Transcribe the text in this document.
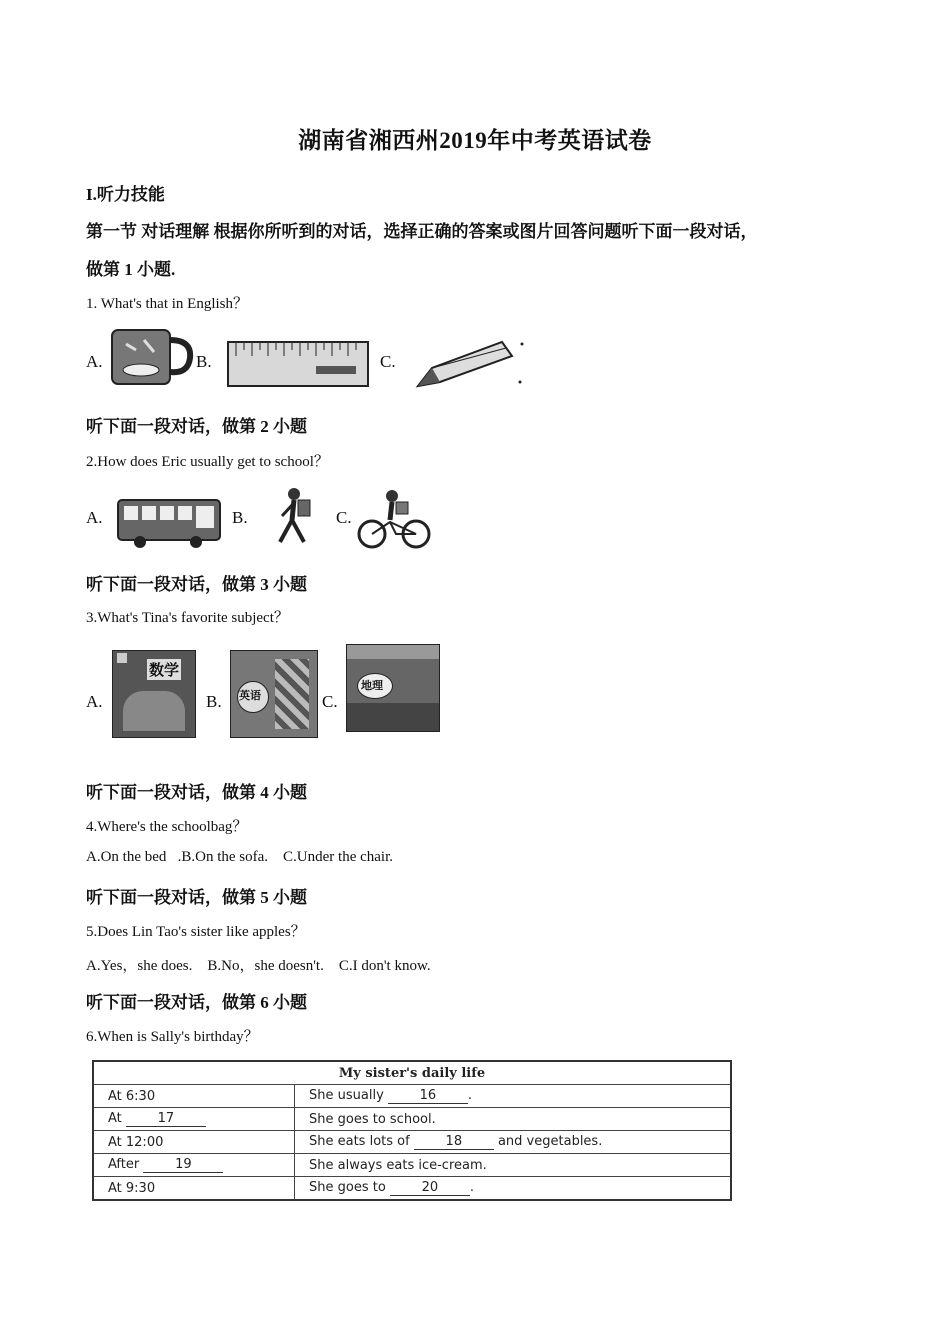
湖南省湘西州2019年中考英语试卷
I.听力技能
第一节 对话理解 根据你所听到的对话，选择正确的答案或图片回答问题听下面一段对话，
做第 1 小题.
1. What's that in English？
A.	B.	C.
听下面一段对话，做第 2 小题
2.How does Eric usually get to school？
A.	B.	C.
听下面一段对话，做第 3 小题
3.What's Tina's favorite subject？
A.
数学
B. 英语	C.
地理
听下面一段对话，做第 4 小题
4.Where's the schoolbag？
A.On the bed   .B.On the sofa.    C.Under the chair.
听下面一段对话，做第 5 小题
5.Does Lin Tao's sister like apples？
A.Yes，she does.    B.No，she doesn't.    C.I don't know.
听下面一段对话，做第 6 小题
6.When is Sally's birthday？
My sister's daily life	
At 6:30	She usually 16 .
At 17	She goes to school.
At 12:00	She eats lots of 18 and vegetables.
After 19	She always eats ice-cream.
At 9:30	She goes to 20 .
